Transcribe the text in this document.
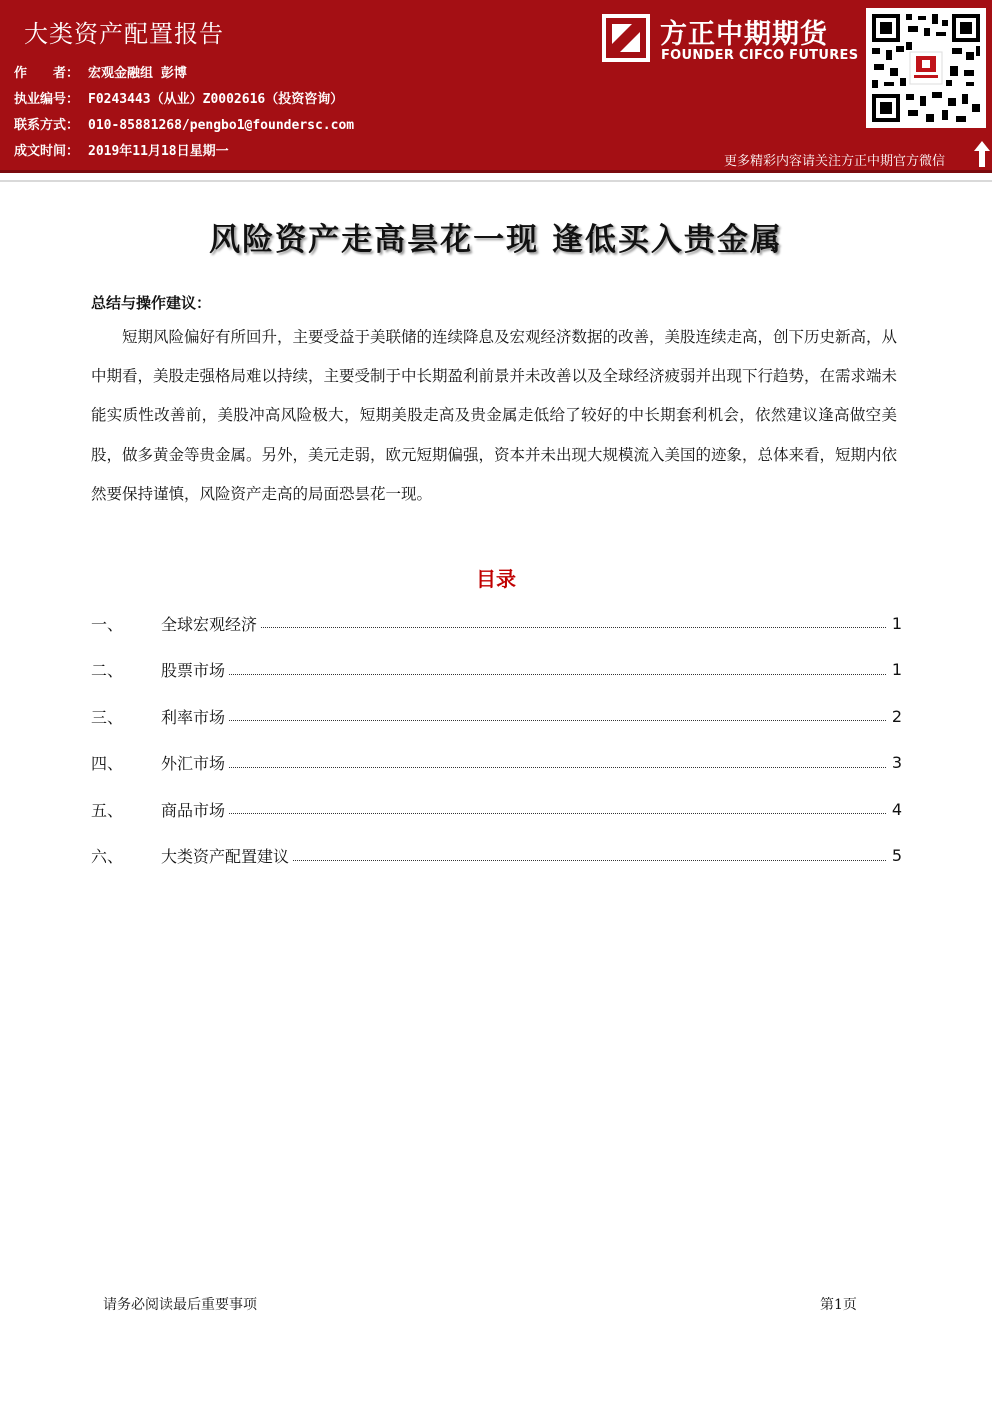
大类资产配置报告
作　　者： 宏观金融组 彭博
执业编号： F0243443（从业）Z0002616（投资咨询）
联系方式： 010-85881268/pengbo1@foundersc.com
成文时间： 2019年11月18日星期一
方正中期期货
FOUNDER CIFCO FUTURES
更多精彩内容请关注方正中期官方微信
风险资产走高昙花一现 逢低买入贵金属
总结与操作建议：
短期风险偏好有所回升，主要受益于美联储的连续降息及宏观经济数据的改善，美股连续走高，创下历史新高，从中期看，美股走强格局难以持续，主要受制于中长期盈利前景并未改善以及全球经济疲弱并出现下行趋势，在需求端未能实质性改善前，美股冲高风险极大，短期美股走高及贵金属走低给了较好的中长期套利机会，依然建议逢高做空美股，做多黄金等贵金属。另外，美元走弱，欧元短期偏强，资本并未出现大规模流入美国的迹象，总体来看，短期内依然要保持谨慎，风险资产走高的局面恐昙花一现。
目录
一、	全球宏观经济	1
二、	股票市场	1
三、	利率市场	2
四、	外汇市场	3
五、	商品市场	4
六、	大类资产配置建议	5
请务必阅读最后重要事项	第1页
